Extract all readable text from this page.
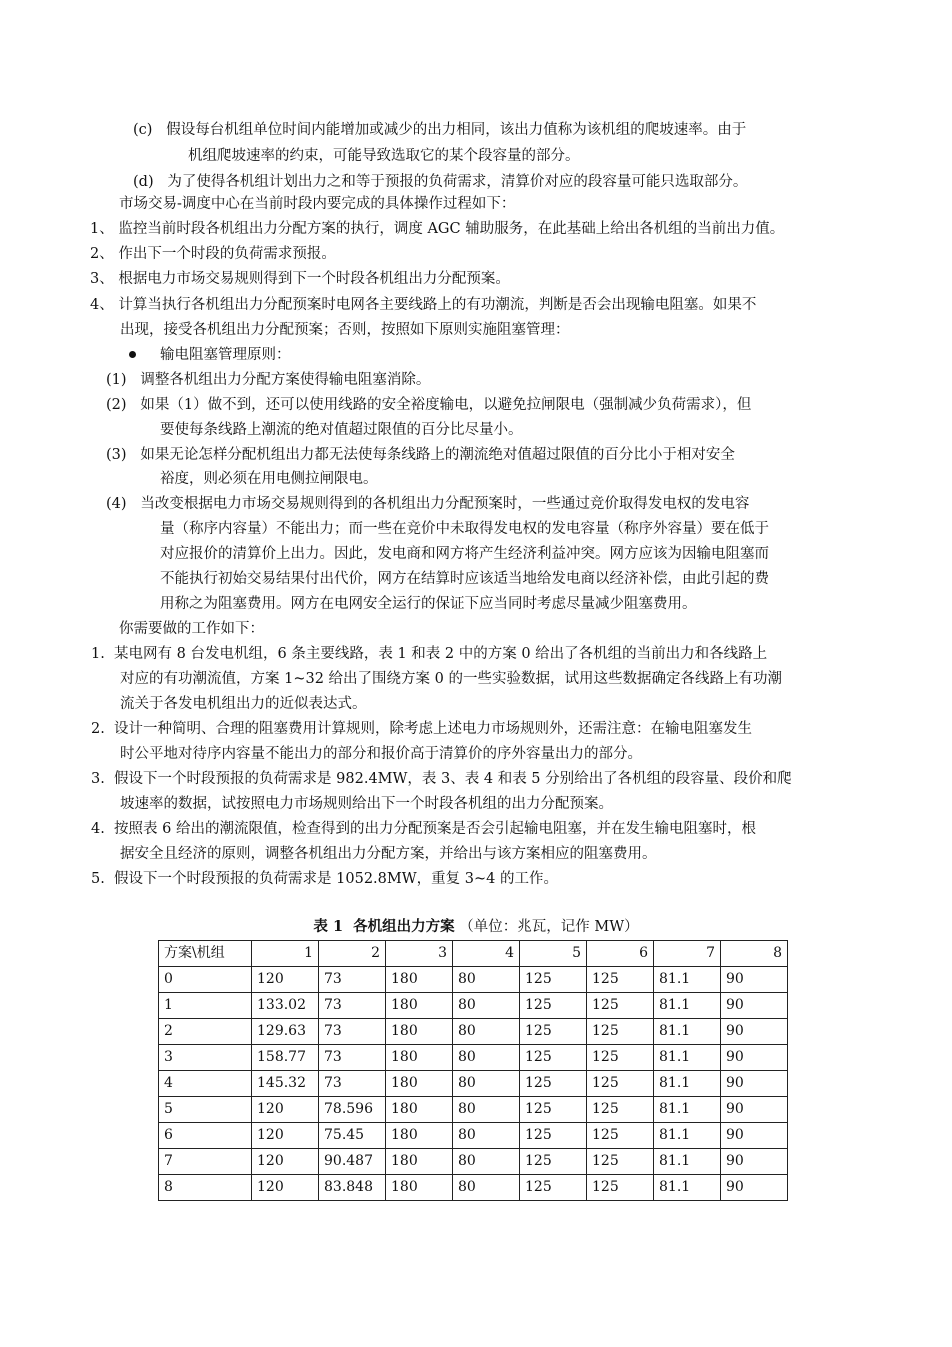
(c)   假设每台机组单位时间内能增加或减少的出力相同，该出力值称为该机组的爬坡速率。由于
机组爬坡速率的约束，可能导致选取它的某个段容量的部分。
(d)   为了使得各机组计划出力之和等于预报的负荷需求，清算价对应的段容量可能只选取部分。
市场交易-调度中心在当前时段内要完成的具体操作过程如下：
1、 监控当前时段各机组出力分配方案的执行，调度 AGC 辅助服务，在此基础上给出各机组的当前出力值。
2、 作出下一个时段的负荷需求预报。
3、 根据电力市场交易规则得到下一个时段各机组出力分配预案。
4、 计算当执行各机组出力分配预案时电网各主要线路上的有功潮流，判断是否会出现输电阻塞。如果不
出现，接受各机组出力分配预案；否则，按照如下原则实施阻塞管理：
输电阻塞管理原则：
(1)   调整各机组出力分配方案使得输电阻塞消除。
(2)   如果（1）做不到，还可以使用线路的安全裕度输电，以避免拉闸限电（强制减少负荷需求），但
要使每条线路上潮流的绝对值超过限值的百分比尽量小。
(3)   如果无论怎样分配机组出力都无法使每条线路上的潮流绝对值超过限值的百分比小于相对安全
裕度，则必须在用电侧拉闸限电。
(4)   当改变根据电力市场交易规则得到的各机组出力分配预案时，一些通过竞价取得发电权的发电容
量（称序内容量）不能出力；而一些在竞价中未取得发电权的发电容量（称序外容量）要在低于
对应报价的清算价上出力。因此，发电商和网方将产生经济利益冲突。网方应该为因输电阻塞而
不能执行初始交易结果付出代价，网方在结算时应该适当地给发电商以经济补偿，由此引起的费
用称之为阻塞费用。网方在电网安全运行的保证下应当同时考虑尽量减少阻塞费用。
你需要做的工作如下：
1.  某电网有 8 台发电机组，6 条主要线路，表 1 和表 2 中的方案 0 给出了各机组的当前出力和各线路上
对应的有功潮流值，方案 1~32 给出了围绕方案 0 的一些实验数据，试用这些数据确定各线路上有功潮
流关于各发电机组出力的近似表达式。
2.  设计一种简明、合理的阻塞费用计算规则，除考虑上述电力市场规则外，还需注意：在输电阻塞发生
时公平地对待序内容量不能出力的部分和报价高于清算价的序外容量出力的部分。
3.  假设下一个时段预报的负荷需求是 982.4MW，表 3、表 4 和表 5 分别给出了各机组的段容量、段价和爬
坡速率的数据，试按照电力市场规则给出下一个时段各机组的出力分配预案。
4.  按照表 6 给出的潮流限值，检查得到的出力分配预案是否会引起输电阻塞，并在发生输电阻塞时，根
据安全且经济的原则，调整各机组出力分配方案，并给出与该方案相应的阻塞费用。
5.  假设下一个时段预报的负荷需求是 1052.8MW，重复 3~4 的工作。
表 1  各机组出力方案 （单位：兆瓦，记作 MW）
方案\机组	1	2	3	4	5	6	7	8
0	120	73	180	80	125	125	81.1	90
1	133.02	73	180	80	125	125	81.1	90
2	129.63	73	180	80	125	125	81.1	90
3	158.77	73	180	80	125	125	81.1	90
4	145.32	73	180	80	125	125	81.1	90
5	120	78.596	180	80	125	125	81.1	90
6	120	75.45	180	80	125	125	81.1	90
7	120	90.487	180	80	125	125	81.1	90
8	120	83.848	180	80	125	125	81.1	90
